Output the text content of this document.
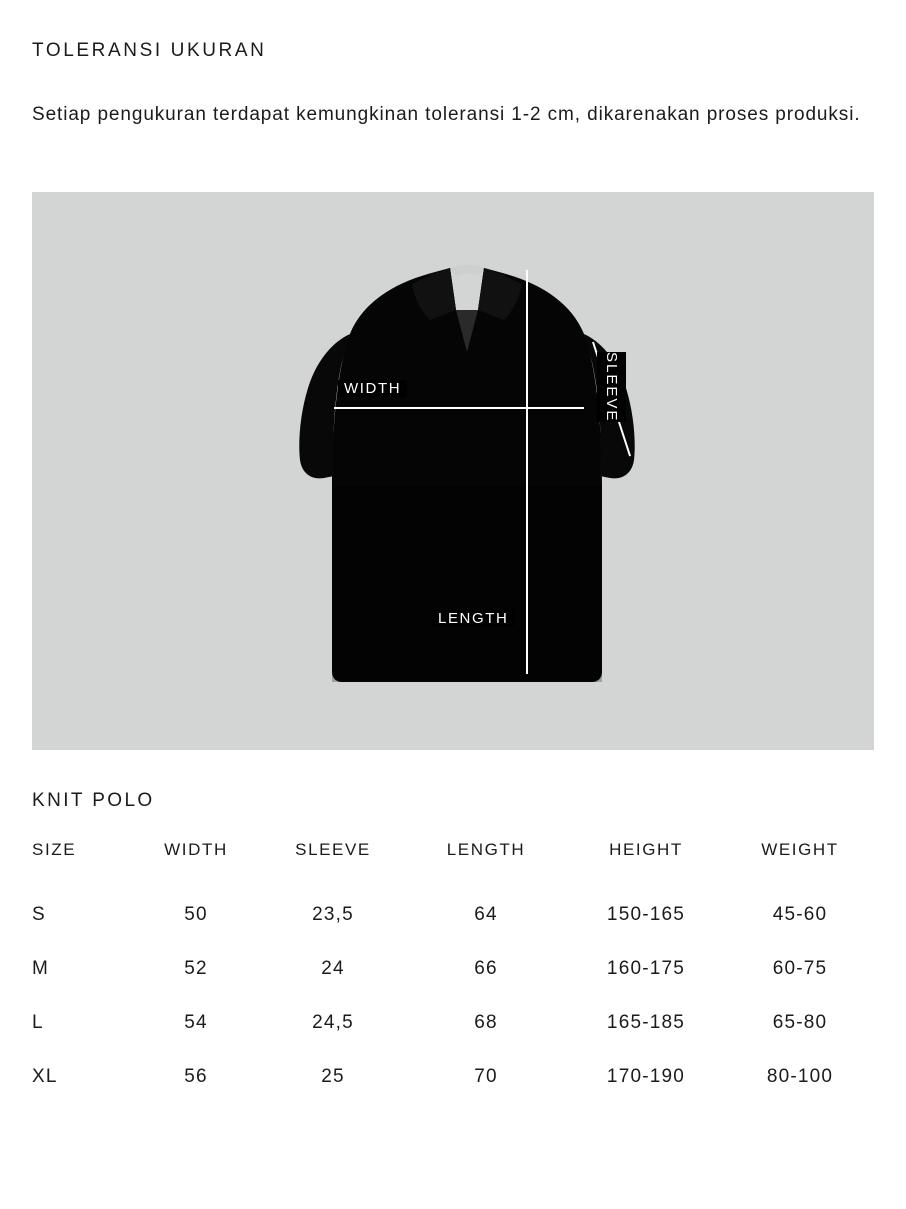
TOLERANSI UKURAN

Setiap pengukuran terdapat kemungkinan toleransi 1-2 cm, dikarenakan proses produksi.

WIDTH
LENGTH
SLEEVE
KNIT POLO
SIZE	WIDTH	SLEEVE	LENGTH	HEIGHT	WEIGHT
S	50	23,5	64	150-165	45-60
M	52	24	66	160-175	60-75
L	54	24,5	68	165-185	65-80
XL	56	25	70	170-190	80-100
